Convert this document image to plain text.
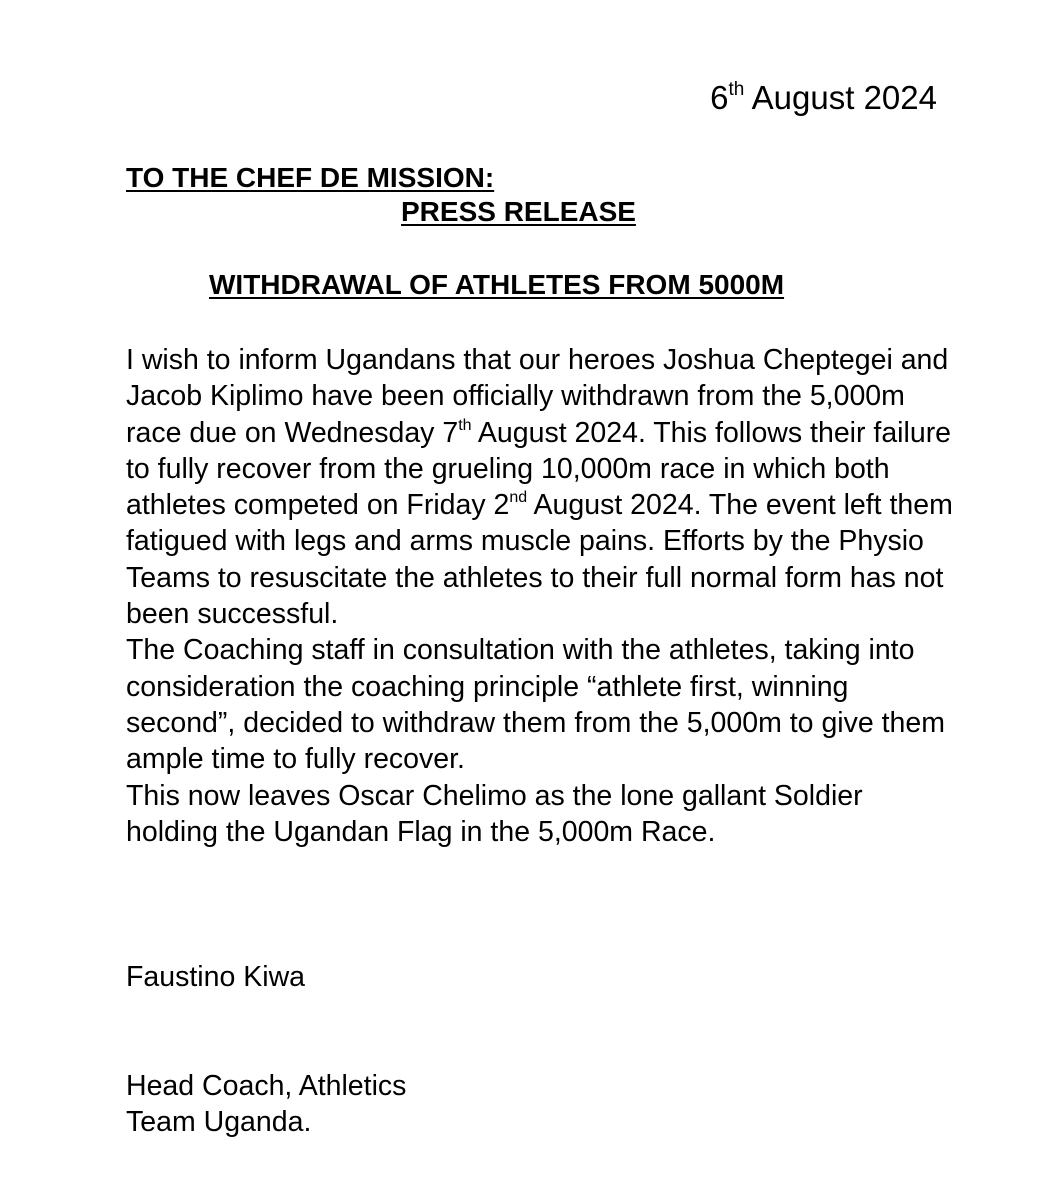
6th August 2024
TO THE CHEF DE MISSION:
PRESS RELEASE
WITHDRAWAL OF ATHLETES FROM 5000M

I wish to inform Ugandans that our heroes Joshua Cheptegei and Jacob Kiplimo have been officially withdrawn from the 5,000m race due on Wednesday 7th August 2024. This follows their failure to fully recover from the grueling 10,000m race in which both athletes competed on Friday 2nd August 2024. The event left them fatigued with legs and arms muscle pains. Efforts by the Physio Teams to resuscitate the athletes to their full normal form has not been successful.

The Coaching staff in consultation with the athletes, taking into consideration the coaching principle “athlete first, winning second”, decided to withdraw them from the 5,000m to give them ample time to fully recover.

This now leaves Oscar Chelimo as the lone gallant Soldier holding the Ugandan Flag in the 5,000m Race.

Faustino Kiwa
Head Coach, Athletics
Team Uganda.
